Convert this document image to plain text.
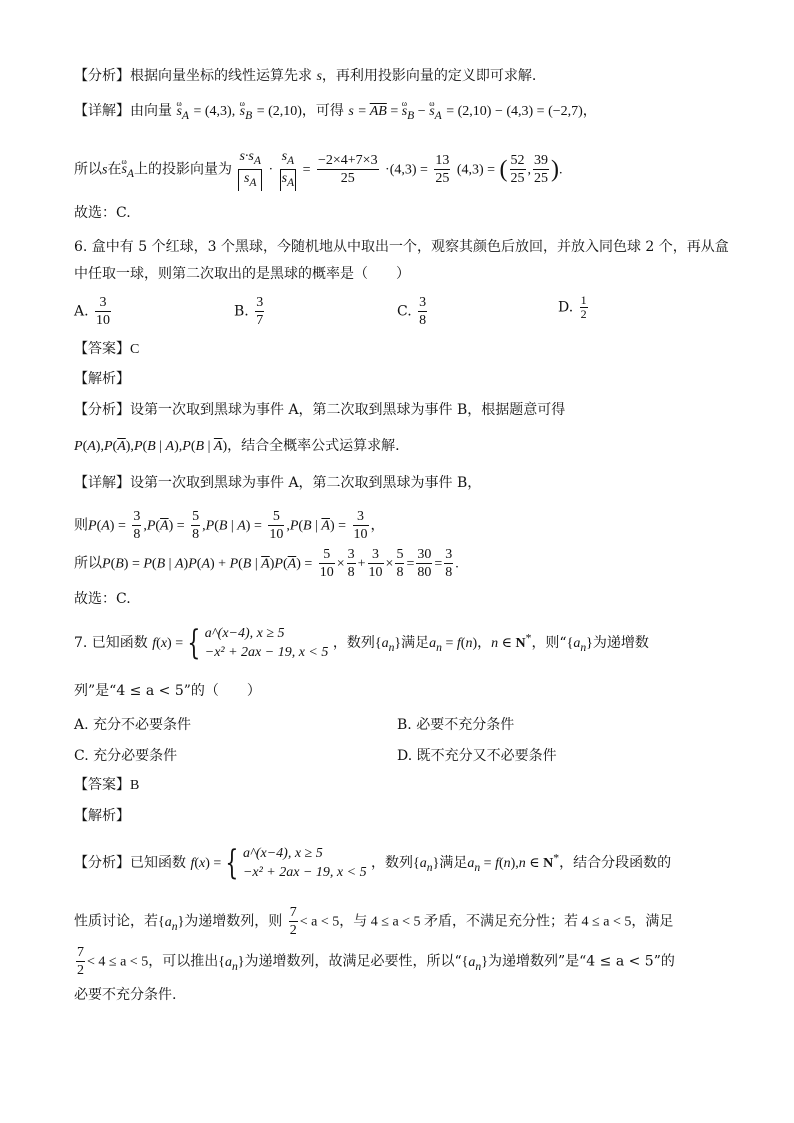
【分析】根据向量坐标的线性运算先求 s，再利用投影向量的定义即可求解.
【详解】由向量 ω $s_A = (4,3)$, ω $s_B = (2,10)$，可得 $s = \overline{AB} = \omega$ $s_B - \omega$ $s_A = (2,10) - (4,3) = (-2,7)$，
所以s在ω $s_A$上的投影向量为 $\frac{s\cdot s_A}{s_A} \cdot \frac{s_A}{s_A} = \frac{-2\times 4+7\times 3}{25} \cdot(4,3) = \frac{13}{25} (4,3)$ = ( $\frac{52}{25}$ , $\frac{39}{25}$ ).
故选：C.
6. 盒中有 5 个红球，3 个黑球，今随机地从中取出一个，观察其颜色后放回，并放入同色球 2 个，再从盒
中任取一球，则第二次取出的是黑球的概率是（　　）
A. $\frac{3}{10}$	B. $\frac{3}{7}$	C. $\frac{3}{8}$	D. $\frac{1}{2}$
【答案】C
【解析】
【分析】设第一次取到黑球为事件 A，第二次取到黑球为事件 B，根据题意可得
$P(A),P(\overline{A}),P(B$ | A),P(B | $\overline{A}$)，结合全概率公式运算求解.
【详解】设第一次取到黑球为事件 A，第二次取到黑球为事件 B，
则$P(A) = \frac{3}{8} ,P(\overline{A}) = \frac{5}{8} ,P(B$ | $A) = \frac{5}{10} ,P(B$ | $\overline{A}) = \frac{3}{10}$ ，
所以P(B) = P(B | A)P(A) + P(B | $\overline{A})P(\overline{A}) = \frac{5}{10} \times \frac{3}{8} + \frac{3}{10} \times \frac{5}{8} = \frac{30}{80} = \frac{3}{8}$ .
故选：C.
7. 已知函数 f(x) = { a^(x−4), x ≥ 5
−x² + 2ax − 19, x < 5
，数列$\{a_n\}$满足$a_n = f(n)$，n ∈ N*，则“$\{a_n\}$为递增数
列”是“4 ≤ a < 5”的（　　）
A. 充分不必要条件	B. 必要不充分条件
C. 充分必要条件	D. 既不充分又不必要条件
【答案】B
【解析】
【分析】已知函数 f(x) = { a^(x−4), x ≥ 5
−x² + 2ax − 19, x < 5
，数列$\{a_n\}$满足$a_n = f(n),n$ ∈ N*，结合分段函数的
性质讨论，若$\{a_n\}$为递增数列，则 $\frac{7}{2} < a < 5$，与 4 ≤ a < 5 矛盾，不满足充分性；若 4 ≤ a < 5，满足
$\frac{7}{2} < 4 \le a < 5$，可以推出$\{a_n\}$为递增数列，故满足必要性，所以“$\{a_n\}$为递增数列”是“4 ≤ a < 5”的
必要不充分条件.
